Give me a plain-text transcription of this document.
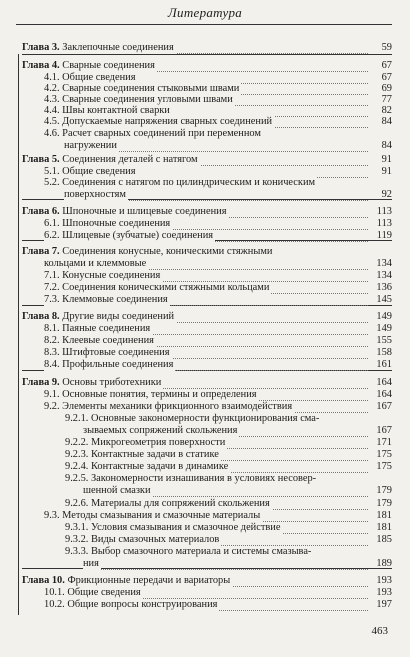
Литература
Глава 3. Заклепочные соединения	59
Глава 4. Сварные соединения	67
4.1. Общие сведения	67
4.2. Сварные соединения стыковыми швами	69
4.3. Сварные соединения угловыми швами	77
4.4. Швы контактной сварки	82
4.5. Допускаемые напряжения сварных соединений	84
4.6. Расчет сварных соединений при переменном
нагружении	84
Глава 5. Соединения деталей с натягом	91
5.1. Общие сведения	91
5.2. Соединения с натягом по цилиндрическим и коническим
поверхностям	92
Глава 6. Шпоночные и шлицевые соединения	113
6.1. Шпоночные соединения	113
6.2. Шлицевые (зубчатые) соединения	119
Глава 7. Соединения конусные, коническими стяжными
кольцами и клеммовые	134
7.1. Конусные соединения	134
7.2. Соединения коническими стяжными кольцами	136
7.3. Клеммовые соединения	145
Глава 8. Другие виды соединений	149
8.1. Паяные соединения	149
8.2. Клеевые соединения	155
8.3. Штифтовые соединения	158
8.4. Профильные соединения	161
Глава 9. Основы триботехники	164
9.1. Основные понятия, термины и определения	164
9.2. Элементы механики фрикционного взаимодействия	167
9.2.1. Основные закономерности функционирования сма-
зываемых сопряжений скольжения	167
9.2.2. Микрогеометрия поверхности	171
9.2.3. Контактные задачи в статике	175
9.2.4. Контактные задачи в динамике	175
9.2.5. Закономерности изнашивания в условиях несовер-
шенной смазки	179
9.2.6. Материалы для сопряжений скольжения	179
9.3. Методы смазывания и смазочные материалы	181
9.3.1. Условия смазывания и смазочное действие	181
9.3.2. Виды смазочных материалов	185
9.3.3. Выбор смазочного материала и системы смазыва-
ния	189
Глава 10. Фрикционные передачи и вариаторы	193
10.1. Общие сведения	193
10.2. Общие вопросы конструирования	197
463
